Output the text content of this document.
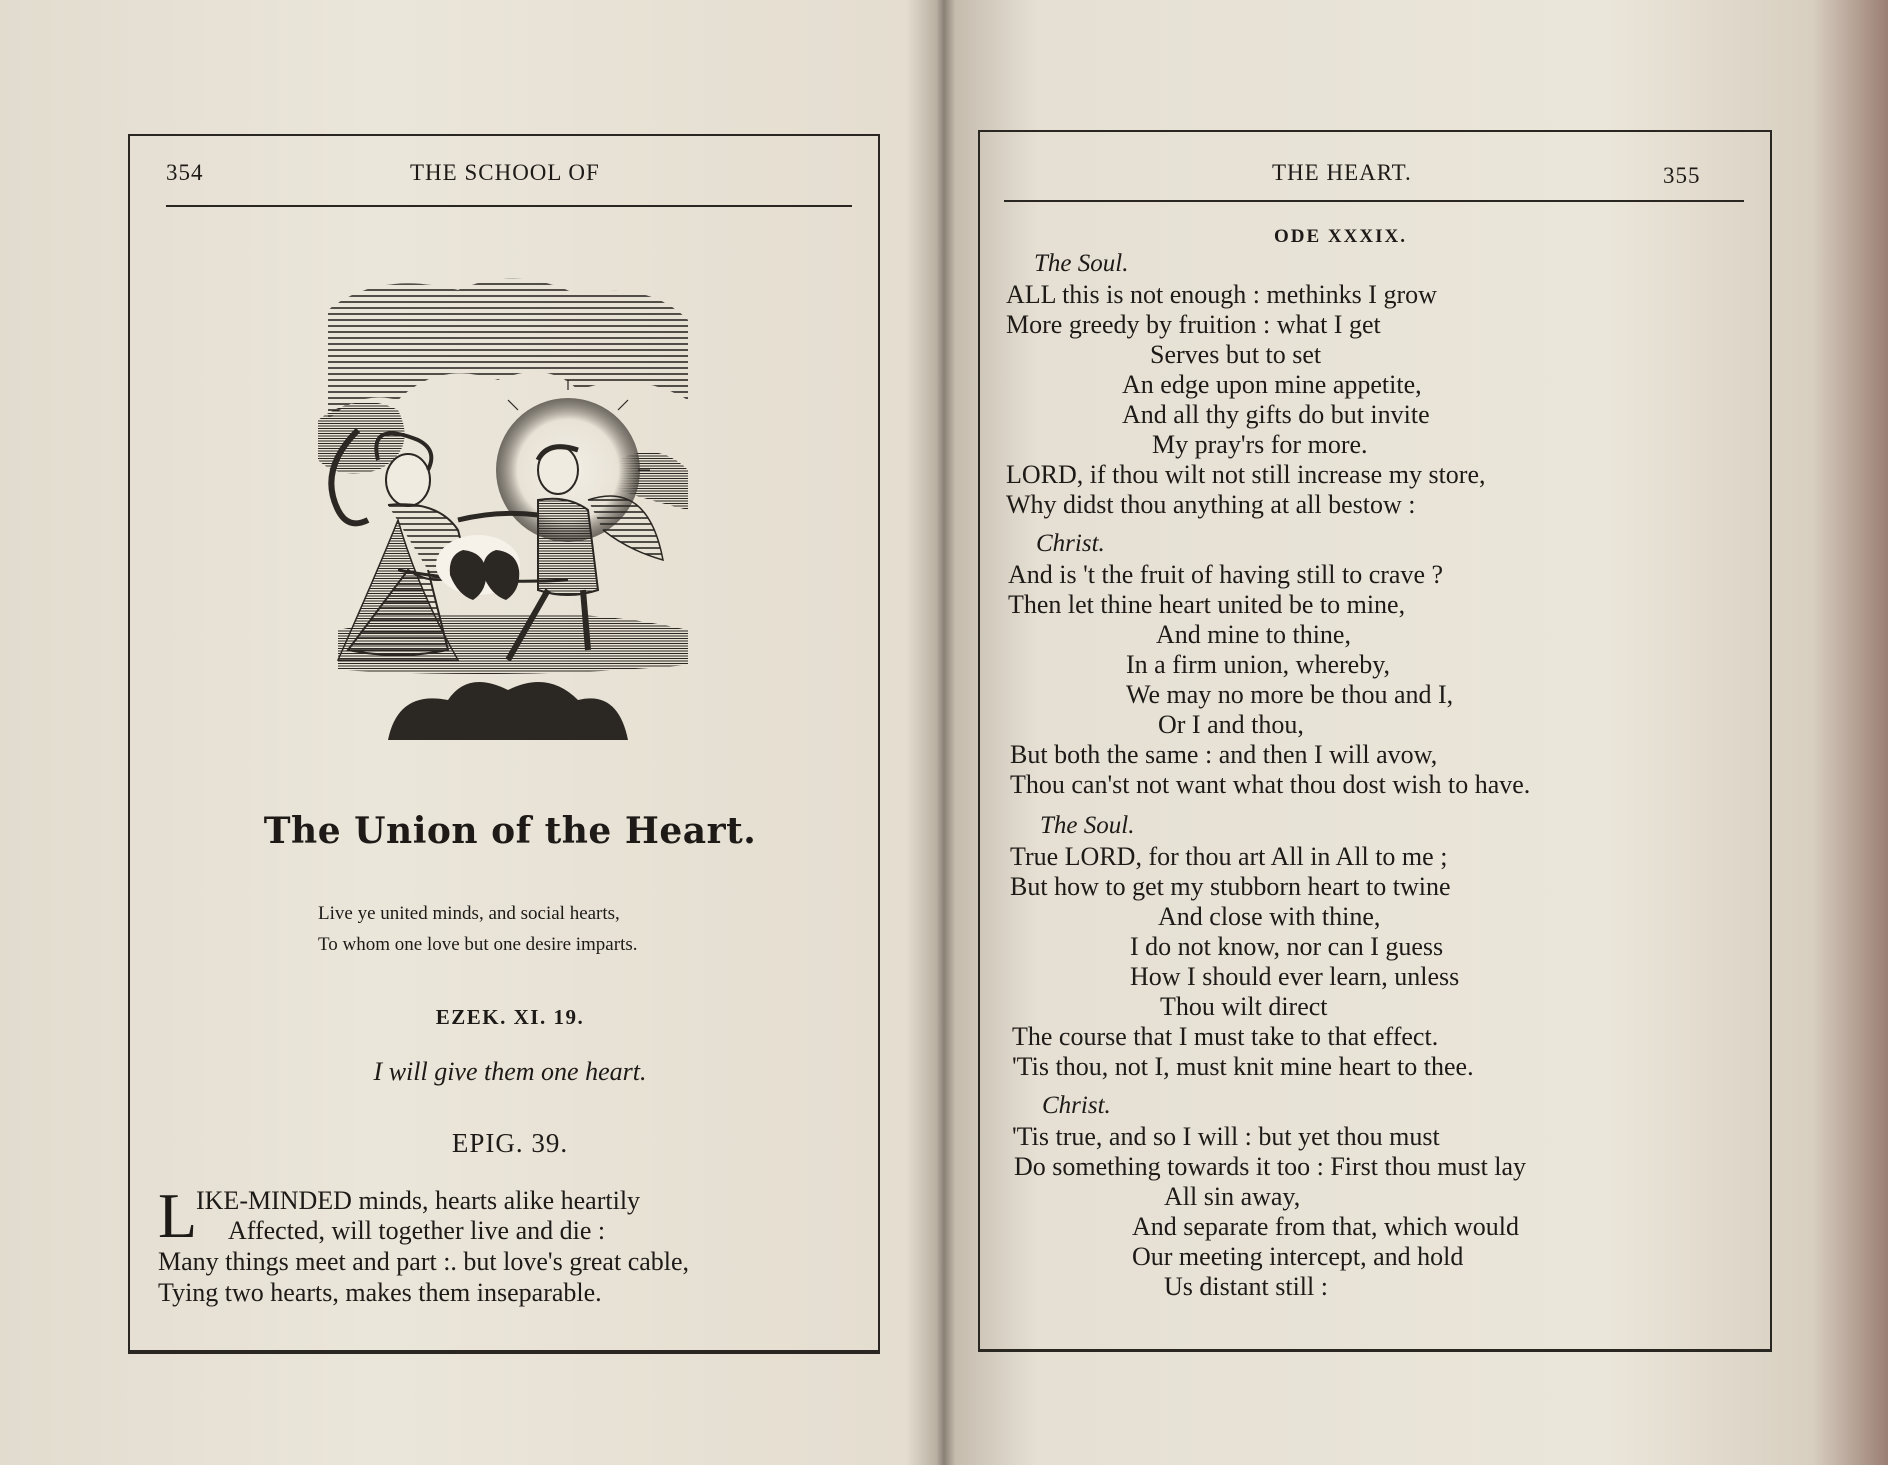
354	THE SCHOOL OF
The Union of the Heart.
Live ye united minds, and social hearts,
To whom one love but one desire imparts.
EZEK. XI. 19.
I will give them one heart.
EPIG. 39.
L
IKE-MINDED minds, hearts alike heartily
Affected, will together live and die :
Many things meet and part :. but love's great cable,
Tying two hearts, makes them inseparable.
THE HEART.	355
ODE XXXIX.
The Soul.
ALL this is not enough : methinks I grow
More greedy by fruition : what I get
Serves but to set
An edge upon mine appetite,
And all thy gifts do but invite
My pray'rs for more.
LORD, if thou wilt not still increase my store,
Why didst thou anything at all bestow :
Christ.
And is 't the fruit of having still to crave ?
Then let thine heart united be to mine,
And mine to thine,
In a firm union, whereby,
We may no more be thou and I,
Or I and thou,
But both the same : and then I will avow,
Thou can'st not want what thou dost wish to have.
The Soul.
True LORD, for thou art All in All to me ;
But how to get my stubborn heart to twine
And close with thine,
I do not know, nor can I guess
How I should ever learn, unless
Thou wilt direct
The course that I must take to that effect.
'Tis thou, not I, must knit mine heart to thee.
Christ.
'Tis true, and so I will : but yet thou must
Do something towards it too : First thou must lay
All sin away,
And separate from that, which would
Our meeting intercept, and hold
Us distant still :
